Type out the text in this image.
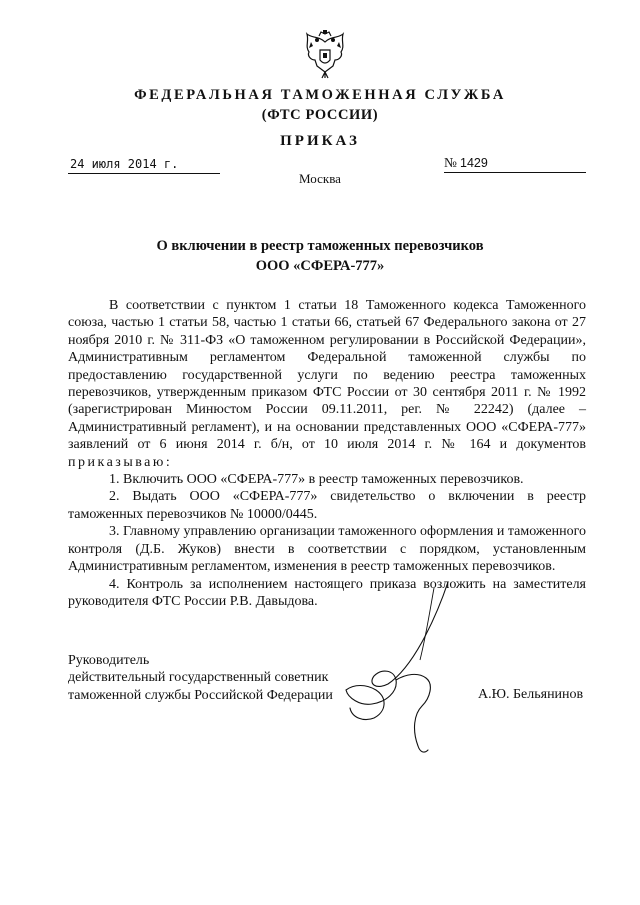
ФЕДЕРАЛЬНАЯ ТАМОЖЕННАЯ СЛУЖБА
(ФТС РОССИИ)
ПРИКАЗ
24 июля 2014 г.	№ 1429
Москва
О включении в реестр таможенных перевозчиков
ООО «СФЕРА-777»

В соответствии с пунктом 1 статьи 18 Таможенного кодекса Таможенного союза, частью 1 статьи 58, частью 1 статьи 66, статьей 67 Федерального закона от 27 ноября 2010 г. № 311-ФЗ «О таможенном регулировании в Российской Федерации», Административным регламентом Федеральной таможенной службы по предоставлению государственной услуги по ведению реестра таможенных перевозчиков, утвержденным приказом ФТС России от 30 сентября 2011 г. № 1992 (зарегистрирован Минюстом России 09.11.2011, рег. № 22242) (далее – Административный регламент), и на основании представленных ООО «СФЕРА-777» заявлений от 6 июня 2014 г. б/н, от 10 июля 2014 г. № 164 и документов приказываю:

1. Включить ООО «СФЕРА-777» в реестр таможенных перевозчиков.

2. Выдать ООО «СФЕРА-777» свидетельство о включении в реестр таможенных перевозчиков № 10000/0445.

3. Главному управлению организации таможенного оформления и таможенного контроля (Д.Б. Жуков) внести в соответствии с порядком, установленным Административным регламентом, изменения в реестр таможенных перевозчиков.

4. Контроль за исполнением настоящего приказа возложить на заместителя руководителя ФТС России Р.В. Давыдова.

Руководитель
действительный государственный советник
таможенной службы Российской Федерации	А.Ю. Бельянинов
